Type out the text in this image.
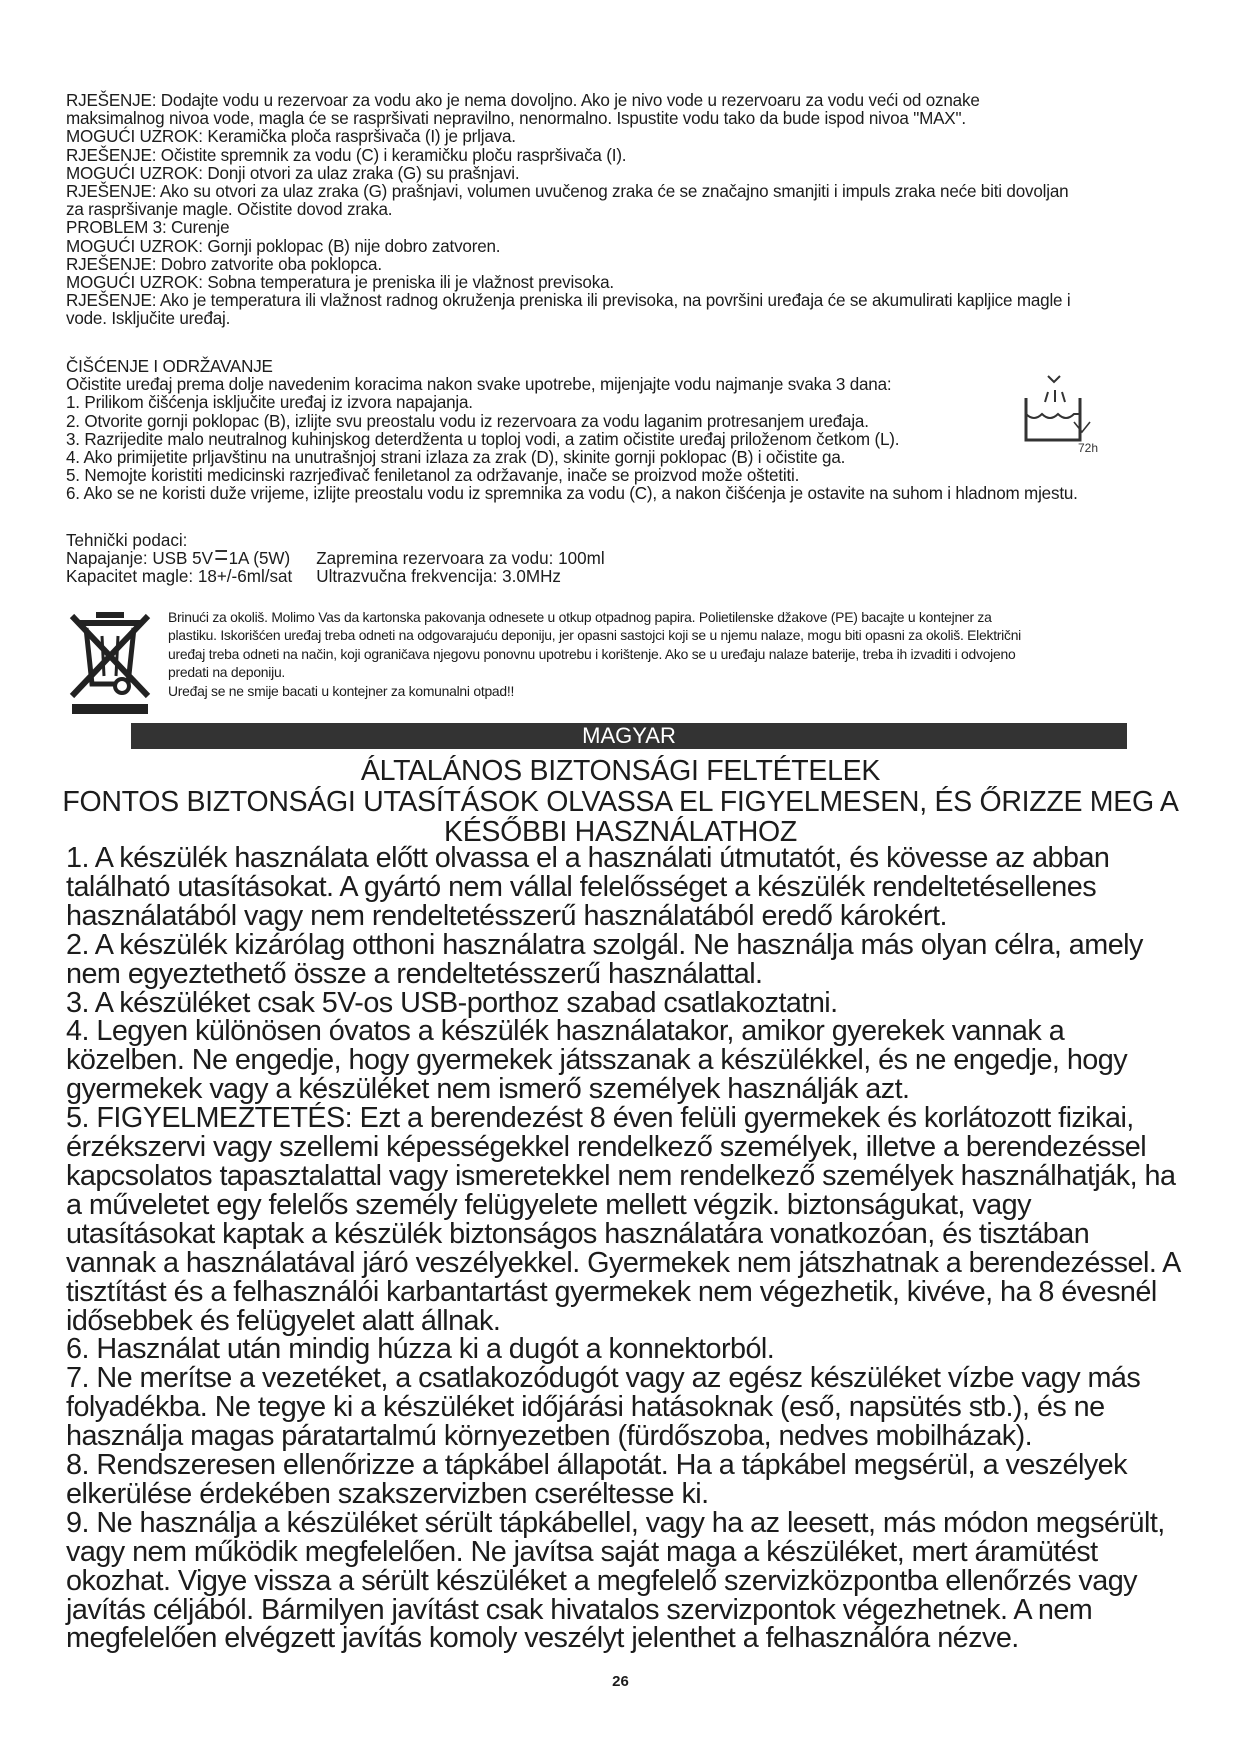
RJEŠENJE: Dodajte vodu u rezervoar za vodu ako je nema dovoljno. Ako je nivo vode u rezervoaru za vodu veći od oznake
maksimalnog nivoa vode, magla će se raspršivati nepravilno, nenormalno. Ispustite vodu tako da bude ispod nivoa "MAX".
MOGUĆI UZROK: Keramička ploča raspršivača (I) je prljava.
RJEŠENJE: Očistite spremnik za vodu (C) i keramičku ploču raspršivača (I).
MOGUĆI UZROK: Donji otvori za ulaz zraka (G) su prašnjavi.
RJEŠENJE: Ako su otvori za ulaz zraka (G) prašnjavi, volumen uvučenog zraka će se značajno smanjiti i impuls zraka neće biti dovoljan
za raspršivanje magle. Očistite dovod zraka.
PROBLEM 3: Curenje
MOGUĆI UZROK: Gornji poklopac (B) nije dobro zatvoren.
RJEŠENJE: Dobro zatvorite oba poklopca.
MOGUĆI UZROK: Sobna temperatura je preniska ili je vlažnost previsoka.
RJEŠENJE: Ako je temperatura ili vlažnost radnog okruženja preniska ili previsoka, na površini uređaja će se akumulirati kapljice magle i
vode. Isključite uređaj.
ČIŠĆENJE I ODRŽAVANJE
Očistite uređaj prema dolje navedenim koracima nakon svake upotrebe, mijenjajte vodu najmanje svaka 3 dana:
1. Prilikom čišćenja isključite uređaj iz izvora napajanja.
2. Otvorite gornji poklopac (B), izlijte svu preostalu vodu iz rezervoara za vodu laganim protresanjem uređaja.
3. Razrijedite malo neutralnog kuhinjskog deterdženta u toploj vodi, a zatim očistite uređaj priloženom četkom (L).
4. Ako primijetite prljavštinu na unutrašnjoj strani izlaza za zrak (D), skinite gornji poklopac (B) i očistite ga.
5. Nemojte koristiti medicinski razrjeđivač feniletanol za održavanje, inače se proizvod može oštetiti.
6. Ako se ne koristi duže vrijeme, izlijte preostalu vodu iz spremnika za vodu (C), a nakon čišćenja je ostavite na suhom i hladnom mjestu.
72h
Tehnički podaci:
Napajanje: USB 5V 1A (5W)	Zapremina rezervoara za vodu: 100ml
Kapacitet magle: 18+/-6ml/sat	Ultrazvučna frekvencija: 3.0MHz
Brinući za okoliš. Molimo Vas da kartonska pakovanja odnesete u otkup otpadnog papira. Polietilenske džakove (PE) bacajte u kontejner za
plastiku. Iskorišćen uređaj treba odneti na odgovarajuću deponiju, jer opasni sastojci koji se u njemu nalaze, mogu biti opasni za okoliš. Električni
uređaj treba odneti na način, koji ograničava njegovu ponovnu upotrebu i korištenje. Ako se u uređaju nalaze baterije, treba ih izvaditi i odvojeno
predati na deponiju.
Uređaj se ne smije bacati u kontejner za komunalni otpad!!
MAGYAR
ÁLTALÁNOS BIZTONSÁGI FELTÉTELEK
FONTOS BIZTONSÁGI UTASÍTÁSOK OLVASSA EL FIGYELMESEN, ÉS ŐRIZZE MEG A
KÉSŐBBI HASZNÁLATHOZ
1. A készülék használata előtt olvassa el a használati útmutatót, és kövesse az abban
található utasításokat. A gyártó nem vállal felelősséget a készülék rendeltetésellenes
használatából vagy nem rendeltetésszerű használatából eredő károkért.
2. A készülék kizárólag otthoni használatra szolgál. Ne használja más olyan célra, amely
nem egyeztethető össze a rendeltetésszerű használattal.
3. A készüléket csak 5V-os USB-porthoz szabad csatlakoztatni.
4. Legyen különösen óvatos a készülék használatakor, amikor gyerekek vannak a
közelben. Ne engedje, hogy gyermekek játsszanak a készülékkel, és ne engedje, hogy
gyermekek vagy a készüléket nem ismerő személyek használják azt.
5. FIGYELMEZTETÉS: Ezt a berendezést 8 éven felüli gyermekek és korlátozott fizikai,
érzékszervi vagy szellemi képességekkel rendelkező személyek, illetve a berendezéssel
kapcsolatos tapasztalattal vagy ismeretekkel nem rendelkező személyek használhatják, ha
a műveletet egy felelős személy felügyelete mellett végzik. biztonságukat, vagy
utasításokat kaptak a készülék biztonságos használatára vonatkozóan, és tisztában
vannak a használatával járó veszélyekkel. Gyermekek nem játszhatnak a berendezéssel. A
tisztítást és a felhasználói karbantartást gyermekek nem végezhetik, kivéve, ha 8 évesnél
idősebbek és felügyelet alatt állnak.
6. Használat után mindig húzza ki a dugót a konnektorból.
7. Ne merítse a vezetéket, a csatlakozódugót vagy az egész készüléket vízbe vagy más
folyadékba. Ne tegye ki a készüléket időjárási hatásoknak (eső, napsütés stb.), és ne
használja magas páratartalmú környezetben (fürdőszoba, nedves mobilházak).
8. Rendszeresen ellenőrizze a tápkábel állapotát. Ha a tápkábel megsérül, a veszélyek
elkerülése érdekében szakszervizben cseréltesse ki.
9. Ne használja a készüléket sérült tápkábellel, vagy ha az leesett, más módon megsérült,
vagy nem működik megfelelően. Ne javítsa saját maga a készüléket, mert áramütést
okozhat. Vigye vissza a sérült készüléket a megfelelő szervizközpontba ellenőrzés vagy
javítás céljából. Bármilyen javítást csak hivatalos szervizpontok végezhetnek. A nem
megfelelően elvégzett javítás komoly veszélyt jelenthet a felhasználóra nézve.
26
